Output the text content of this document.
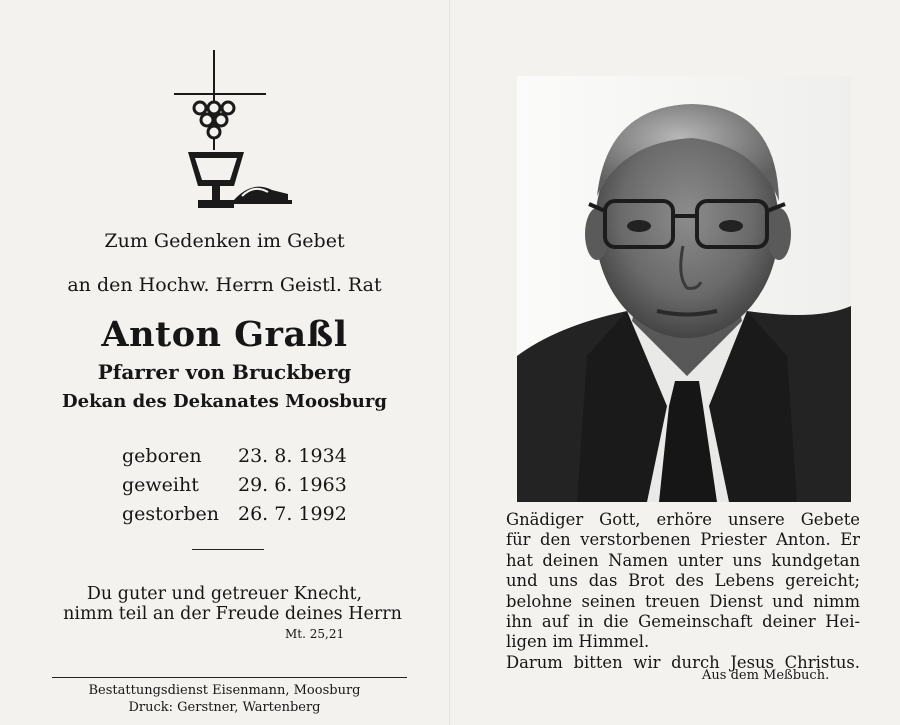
Zum Gedenken im Gebet
an den Hochw. Herrn Geistl. Rat
Anton Graßl
Pfarrer von Bruckberg
Dekan des Dekanates Moosburg
geboren	23. 8. 1934
geweiht	29. 6. 1963
gestorben	26. 7. 1992
Du guter und getreuer Knecht,
nimm teil an der Freude deines Herrn
Mt. 25,21
Bestattungsdienst Eisenmann, Moosburg
Druck: Gerstner, Wartenberg
Gnädiger Gott, erhöre unsere Gebete
für den verstorbenen Priester Anton. Er
hat deinen Namen unter uns kundgetan
und uns das Brot des Lebens gereicht;
belohne seinen treuen Dienst und nimm
ihn auf in die Gemeinschaft deiner Hei-
ligen im Himmel.
Darum bitten wir durch Jesus Christus.
Aus dem Meßbuch.
